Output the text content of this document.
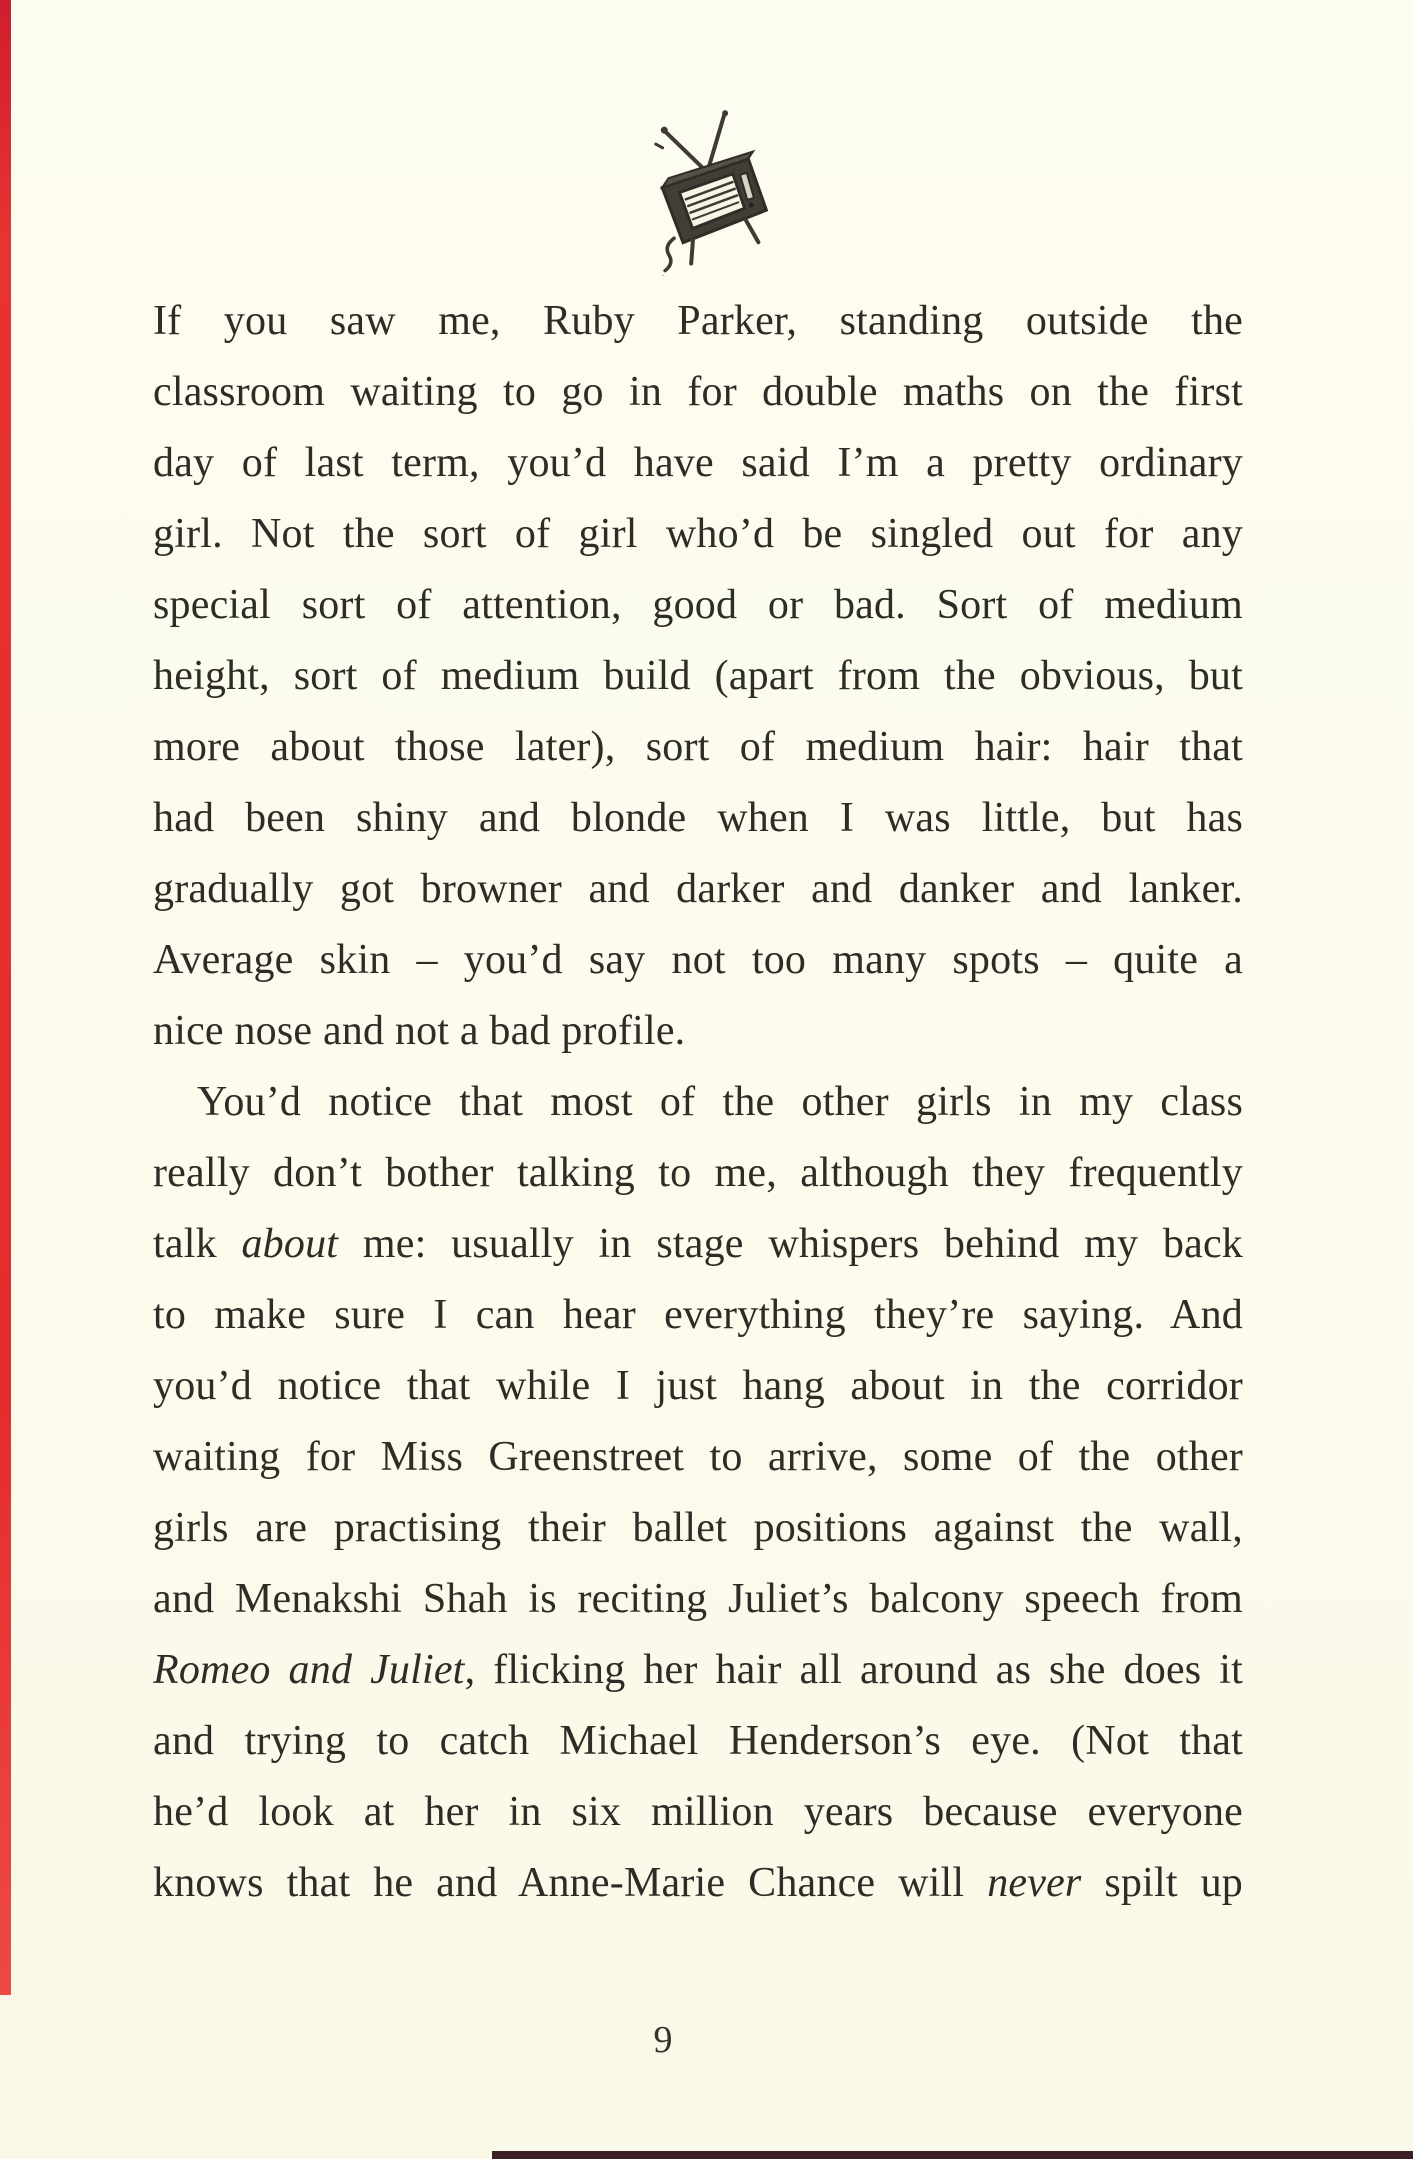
If you saw me, Ruby Parker, standing outside the
classroom waiting to go in for double maths on the first
day of last term, you’d have said I’m a pretty ordinary
girl. Not the sort of girl who’d be singled out for any
special sort of attention, good or bad. Sort of medium
height, sort of medium build (apart from the obvious, but
more about those later), sort of medium hair: hair that
had been shiny and blonde when I was little, but has
gradually got browner and darker and danker and lanker.
Average skin – you’d say not too many spots – quite a
nice nose and not a bad profile.
You’d notice that most of the other girls in my class
really don’t bother talking to me, although they frequently
talk about me: usually in stage whispers behind my back
to make sure I can hear everything they’re saying. And
you’d notice that while I just hang about in the corridor
waiting for Miss Greenstreet to arrive, some of the other
girls are practising their ballet positions against the wall,
and Menakshi Shah is reciting Juliet’s balcony speech from
Romeo and Juliet, flicking her hair all around as she does it
and trying to catch Michael Henderson’s eye. (Not that
he’d look at her in six million years because everyone
knows that he and Anne-Marie Chance will never spilt up
9
